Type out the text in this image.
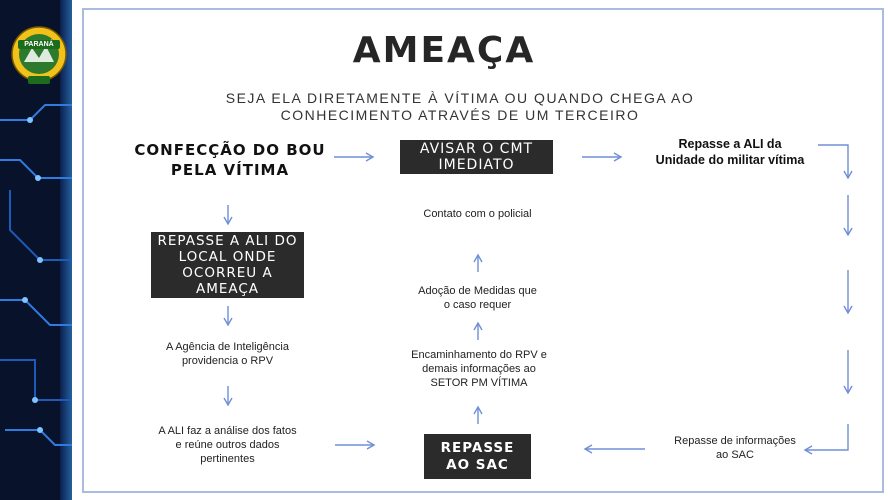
PARANÁ	AMEAÇA
SEJA ELA DIRETAMENTE À VÍTIMA OU QUANDO CHEGA AO CONHECIMENTO ATRAVÉS DE UM TERCEIRO
CONFECÇÃO DO BOU PELA VÍTIMA
AVISAR O CMT IMEDIATO
Repasse a ALI da Unidade do militar vítima
REPASSE A ALI DO LOCAL ONDE OCORREU A AMEAÇA
A Agência de Inteligência providencia o RPV
A ALI faz a análise dos fatos e reúne outros dados pertinentes
Contato com o policial
Adoção de Medidas que o caso requer
Encaminhamento do RPV e demais informações ao SETOR PM VÍTIMA
REPASSE AO SAC
Repasse de informações ao SAC
